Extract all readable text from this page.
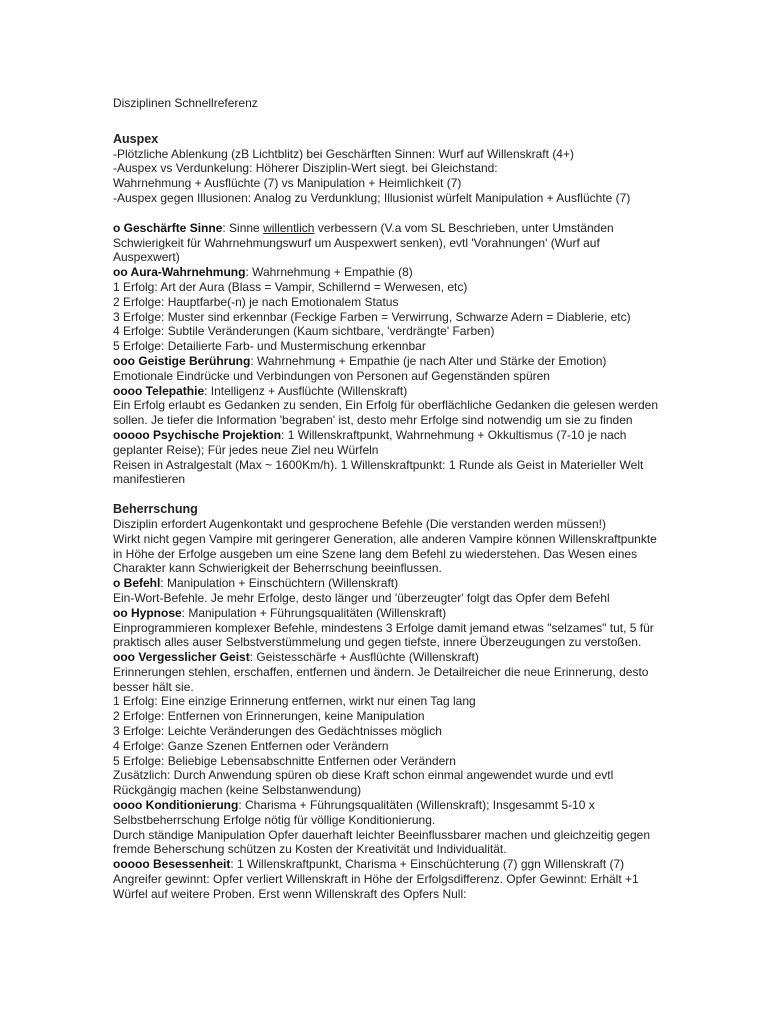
Disziplinen Schnellreferenz
Auspex
-Plötzliche Ablenkung (zB Lichtblitz) bei Geschärften Sinnen: Wurf auf Willenskraft (4+)
-Auspex vs Verdunkelung: Höherer Disziplin-Wert siegt. bei Gleichstand:
Wahrnehmung + Ausflüchte (7) vs Manipulation + Heimlichkeit (7)
-Auspex gegen Illusionen: Analog zu Verdunklung; Illusionist würfelt Manipulation + Ausflüchte (7)
o Geschärfte Sinne: Sinne willentlich verbessern (V.a vom SL Beschrieben, unter Umständen Schwierigkeit für Wahrnehmungswurf um Auspexwert senken), evtl 'Vorahnungen' (Wurf auf Auspexwert)
oo Aura-Wahrnehmung: Wahrnehmung + Empathie (8)
1 Erfolg: Art der Aura (Blass = Vampir, Schillernd = Werwesen, etc)
2 Erfolge: Hauptfarbe(-n) je nach Emotionalem Status
3 Erfolge: Muster sind erkennbar (Feckige Farben = Verwirrung, Schwarze Adern = Diablerie, etc)
4 Erfolge: Subtile Veränderungen (Kaum sichtbare, 'verdrängte' Farben)
5 Erfolge: Detailierte Farb- und Mustermischung erkennbar
ooo Geistige Berührung: Wahrnehmung + Empathie (je nach Alter und Stärke der Emotion)
Emotionale Eindrücke und Verbindungen von Personen auf Gegenständen spüren
oooo Telepathie: Intelligenz + Ausflüchte (Willenskraft)
Ein Erfolg erlaubt es Gedanken zu senden, Ein Erfolg für oberflächliche Gedanken die gelesen werden sollen. Je tiefer die Information 'begraben' ist, desto mehr Erfolge sind notwendig um sie zu finden
ooooo Psychische Projektion: 1 Willenskraftpunkt, Wahrnehmung + Okkultismus (7-10 je nach geplanter Reise); Für jedes neue Ziel neu Würfeln
Reisen in Astralgestalt (Max ~ 1600Km/h). 1 Willenskraftpunkt: 1 Runde als Geist in Materieller Welt manifestieren
Beherrschung
Disziplin erfordert Augenkontakt und gesprochene Befehle (Die verstanden werden müssen!)
Wirkt nicht gegen Vampire mit geringerer Generation, alle anderen Vampire können Willenskraftpunkte in Höhe der Erfolge ausgeben um eine Szene lang dem Befehl zu wiederstehen. Das Wesen eines Charakter kann Schwierigkeit der Beherrschung beeinflussen.
o Befehl: Manipulation + Einschüchtern (Willenskraft)
Ein-Wort-Befehle. Je mehr Erfolge, desto länger und 'überzeugter' folgt das Opfer dem Befehl
oo Hypnose: Manipulation + Führungsqualitäten (Willenskraft)
Einprogrammieren komplexer Befehle, mindestens 3 Erfolge damit jemand etwas "selzames" tut, 5 für praktisch alles auser Selbstverstümmelung und gegen tiefste, innere Überzeugungen zu verstoßen.
ooo Vergesslicher Geist: Geistesschärfe + Ausflüchte (Willenskraft)
Erinnerungen stehlen, erschaffen, entfernen und ändern. Je Detailreicher die neue Erinnerung, desto besser hält sie.
1 Erfolg: Eine einzige Erinnerung entfernen, wirkt nur einen Tag lang
2 Erfolge: Entfernen von Erinnerungen, keine Manipulation
3 Erfolge: Leichte Veränderungen des Gedächtnisses möglich
4 Erfolge: Ganze Szenen Entfernen oder Verändern
5 Erfolge: Beliebige Lebensabschnitte Entfernen oder Verändern
Zusätzlich: Durch Anwendung spüren ob diese Kraft schon einmal angewendet wurde und evtl Rückgängig machen (keine Selbstanwendung)
oooo Konditionierung: Charisma + Führungsqualitäten (Willenskraft); Insgesammt 5-10 x Selbstbeherrschung Erfolge nötig für völlige Konditionierung.
Durch ständige Manipulation Opfer dauerhaft leichter Beeinflussbarer machen und gleichzeitig gegen fremde Beherschung schützen zu Kosten der Kreativität und Individualität.
ooooo Besessenheit: 1 Willenskraftpunkt, Charisma + Einschüchterung (7) ggn Willenskraft (7)
Angreifer gewinnt: Opfer verliert Willenskraft in Höhe der Erfolgsdifferenz. Opfer Gewinnt: Erhält +1 Würfel auf weitere Proben. Erst wenn Willenskraft des Opfers Null:
